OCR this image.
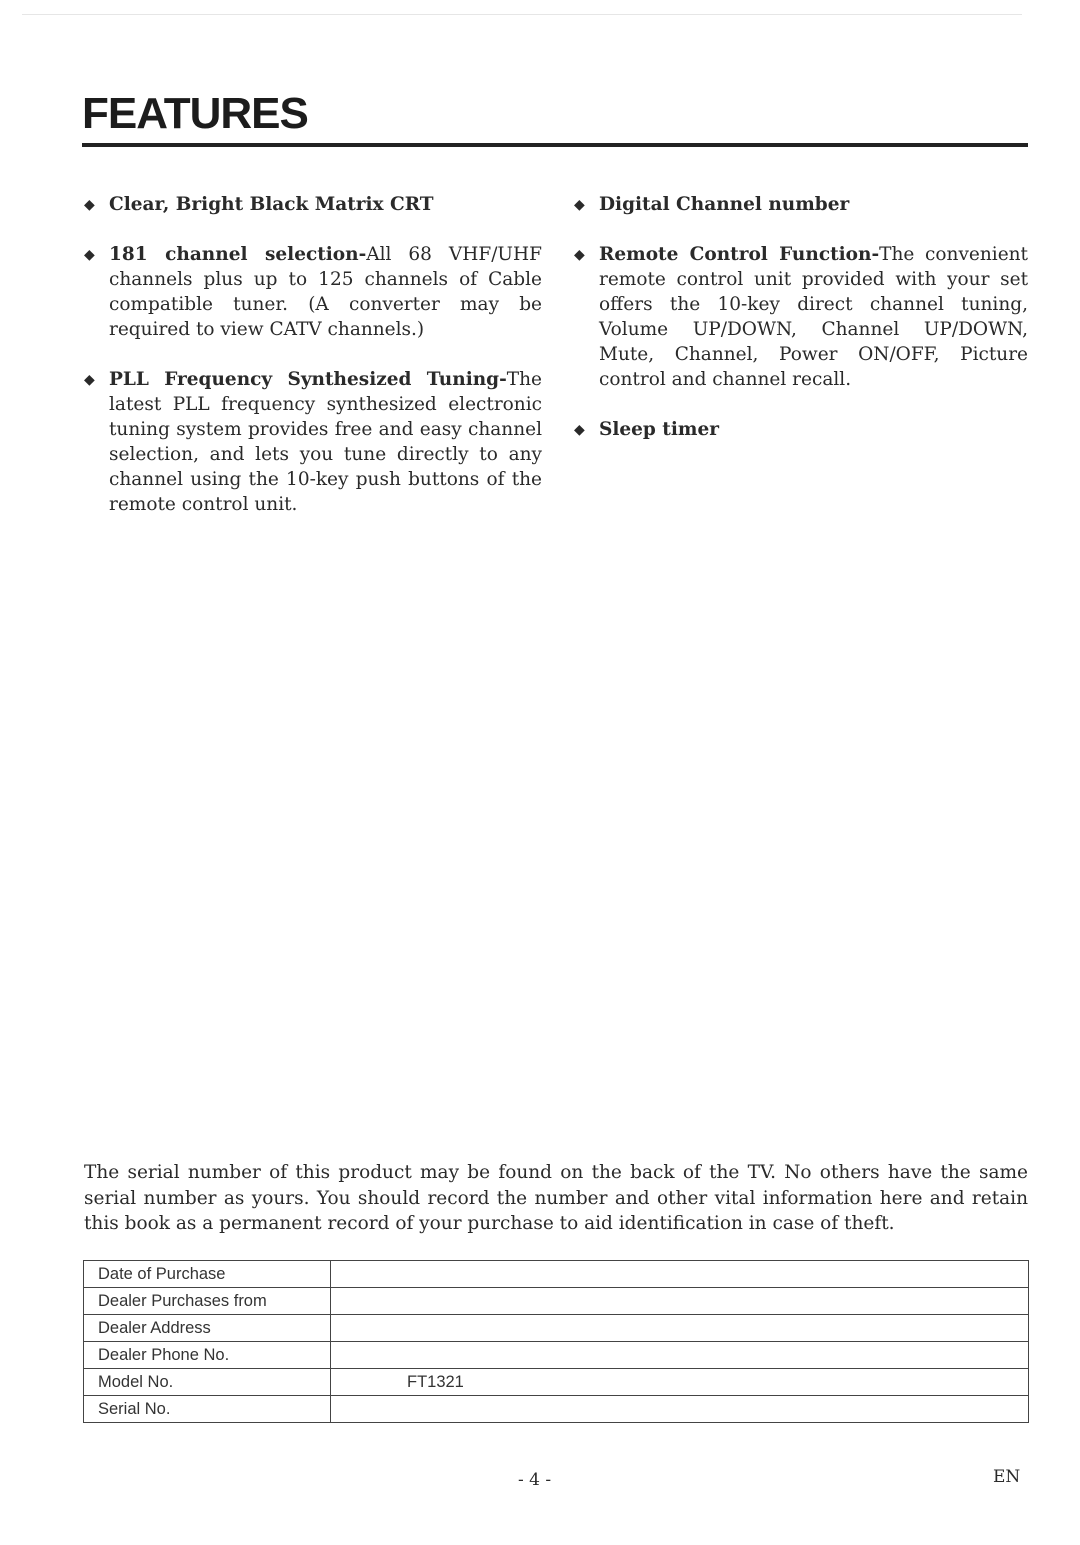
FEATURES
◆ Clear, Bright Black Matrix CRT
◆ 181 channel selection-All 68 VHF/UHF channels plus up to 125 channels of Cable compatible tuner. (A converter may be required to view CATV channels.)
◆ PLL Frequency Synthesized Tuning-The latest PLL frequency synthesized electronic tuning system provides free and easy channel selection, and lets you tune directly to any channel using the 10-key push buttons of the remote control unit.
◆ Digital Channel number
◆ Remote Control Function-The convenient remote control unit provided with your set offers the 10-key direct channel tuning, Volume UP/DOWN, Channel UP/DOWN, Mute, Channel, Power ON/OFF, Picture control and channel recall.
◆ Sleep timer

The serial number of this product may be found on the back of the TV. No others have the same serial number as yours. You should record the number and other vital information here and retain this book as a permanent record of your purchase to aid identification in case of theft.

Date of Purchase	
Dealer Purchases from	
Dealer Address	
Dealer Phone No.	
Model No.	FT1321
Serial No.	
- 4 -	EN
